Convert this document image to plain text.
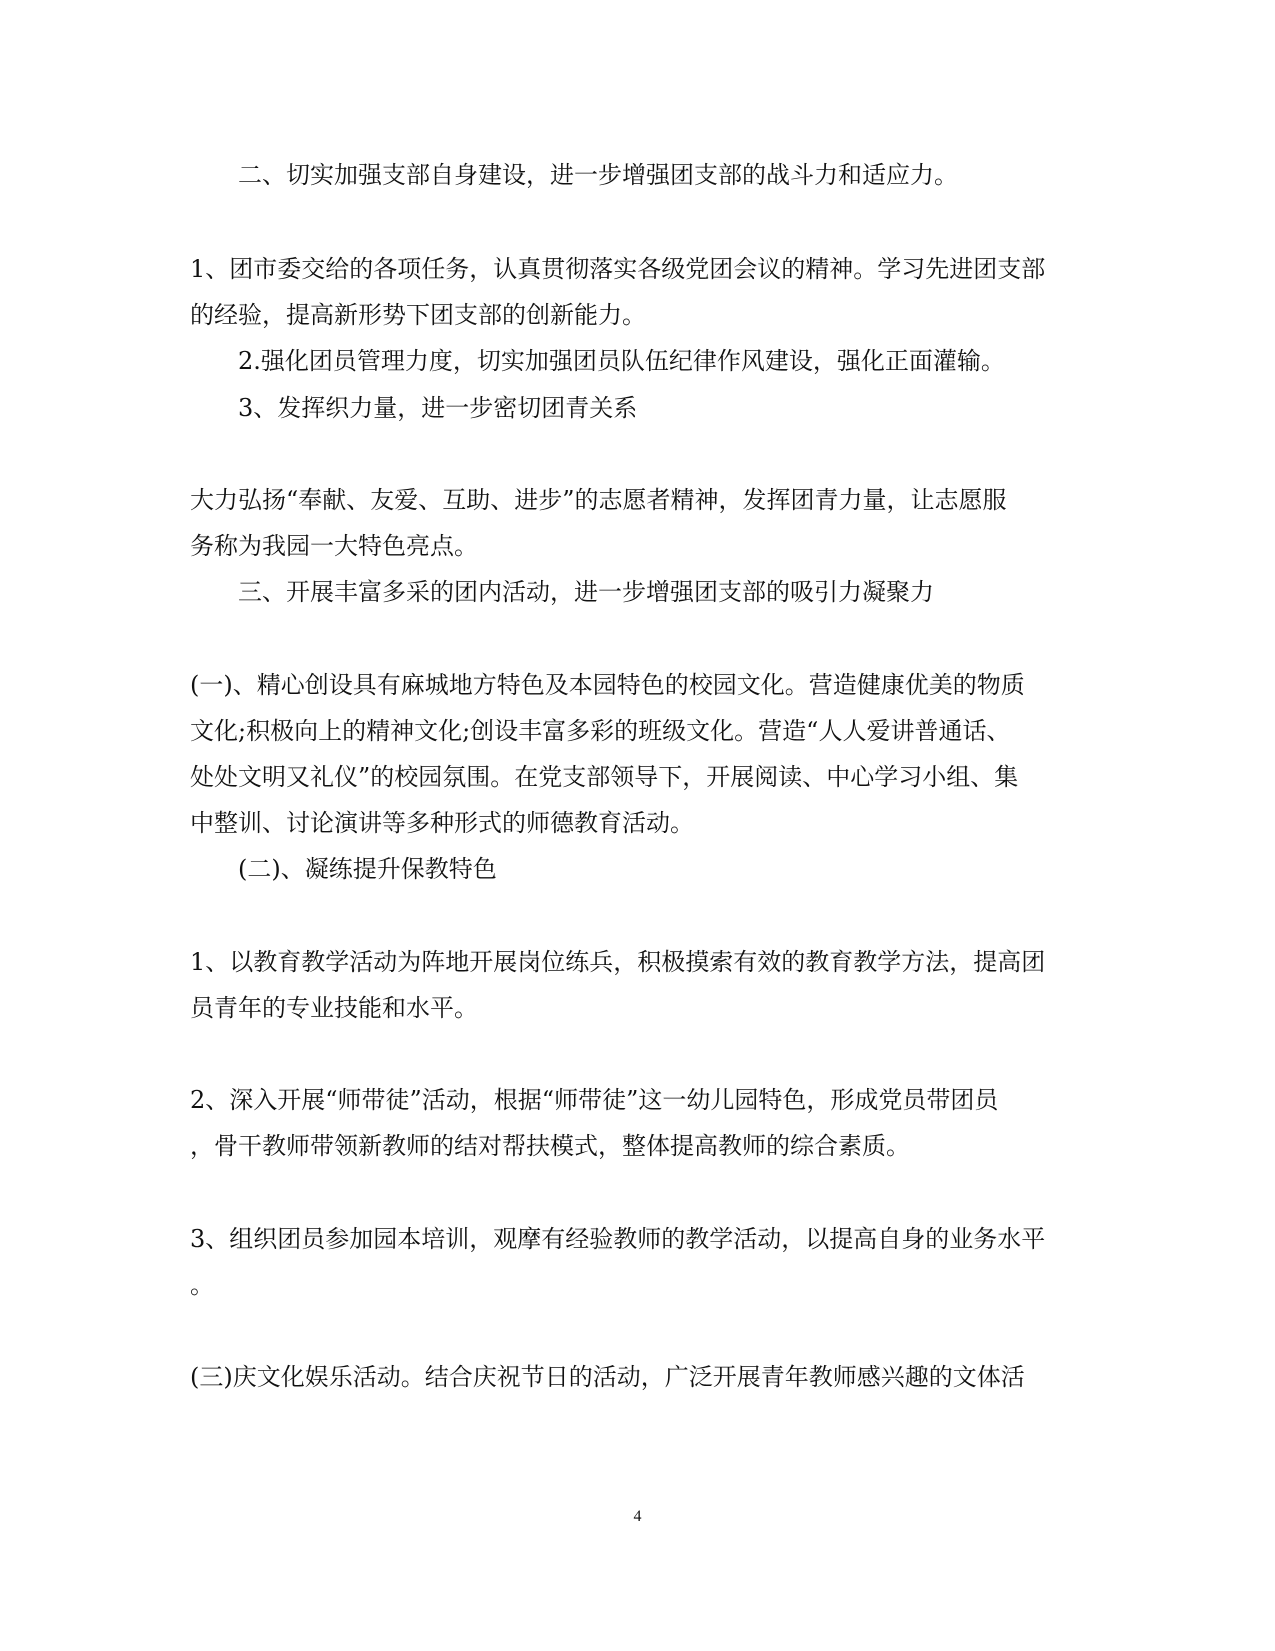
二、切实加强支部自身建设，进一步增强团支部的战斗力和适应力。
1、团市委交给的各项任务，认真贯彻落实各级党团会议的精神。学习先进团支部
的经验，提高新形势下团支部的创新能力。
2.强化团员管理力度，切实加强团员队伍纪律作风建设，强化正面灌输。
3、发挥织力量，进一步密切团青关系
大力弘扬“奉献、友爱、互助、进步”的志愿者精神，发挥团青力量，让志愿服
务称为我园一大特色亮点。
三、开展丰富多采的团内活动，进一步增强团支部的吸引力凝聚力
(一)、精心创设具有麻城地方特色及本园特色的校园文化。营造健康优美的物质
文化;积极向上的精神文化;创设丰富多彩的班级文化。营造“人人爱讲普通话、
处处文明又礼仪”的校园氛围。在党支部领导下，开展阅读、中心学习小组、集
中整训、讨论演讲等多种形式的师德教育活动。
(二)、凝练提升保教特色
1、以教育教学活动为阵地开展岗位练兵，积极摸索有效的教育教学方法，提高团
员青年的专业技能和水平。
2、深入开展“师带徒”活动，根据“师带徒”这一幼儿园特色，形成党员带团员
，骨干教师带领新教师的结对帮扶模式，整体提高教师的综合素质。
3、组织团员参加园本培训，观摩有经验教师的教学活动，以提高自身的业务水平
。
(三)庆文化娱乐活动。结合庆祝节日的活动，广泛开展青年教师感兴趣的文体活
4
